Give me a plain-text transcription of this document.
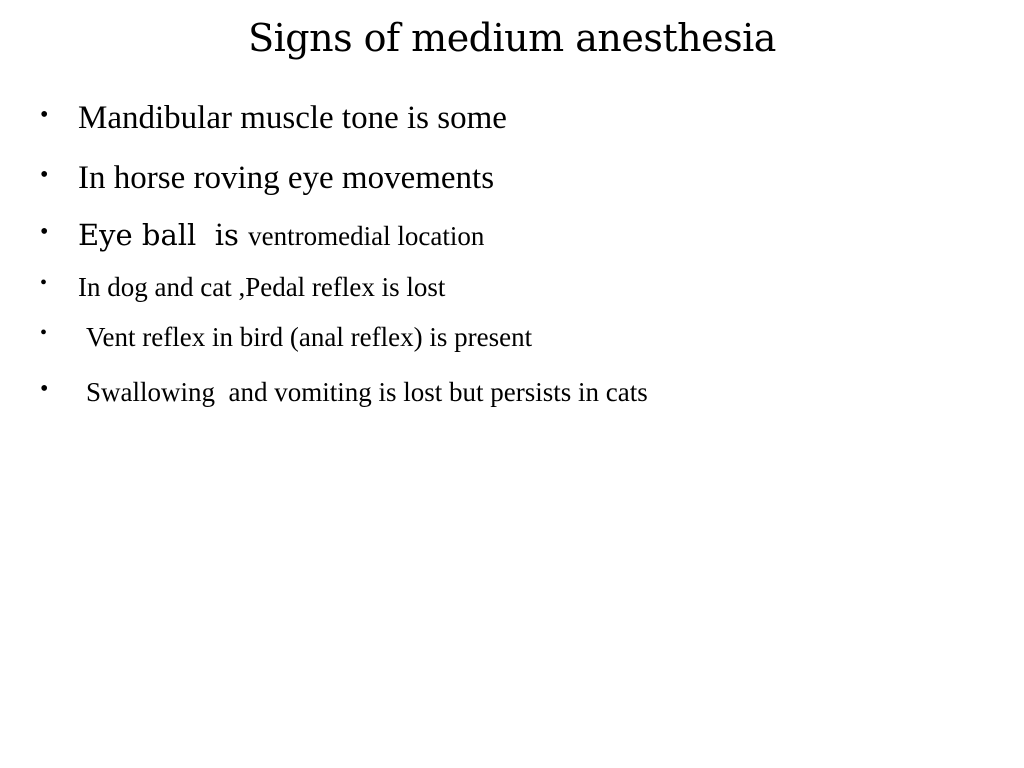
Signs of medium anesthesia
• Mandibular muscle tone is some
• In horse roving eye movements
• Eye ball  is ventromedial location
• In dog and cat ,Pedal reflex is lost
• Vent reflex in bird (anal reflex) is present
• Swallowing  and vomiting is lost but persists in cats
